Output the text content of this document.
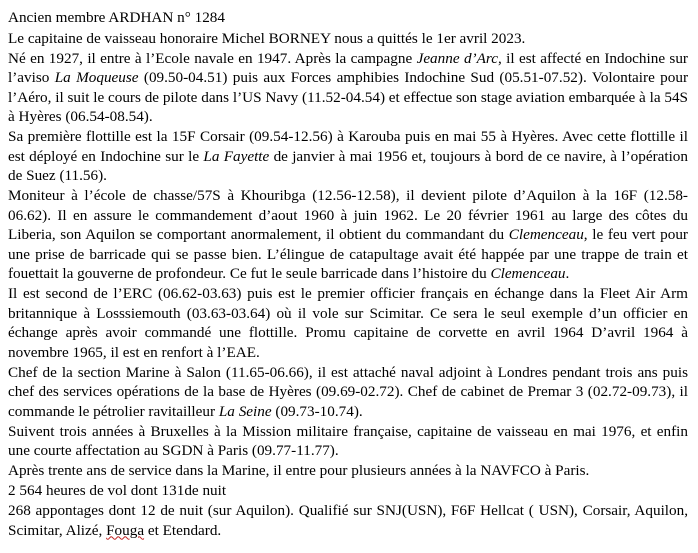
Ancien membre ARDHAN n° 1284

Le capitaine de vaisseau honoraire Michel BORNEY nous a quittés le 1er avril 2023.

Né en 1927, il entre à l’Ecole navale en 1947. Après la campagne Jeanne d’Arc, il est affecté en Indochine sur l’aviso La Moqueuse (09.50-04.51) puis aux Forces amphibies Indochine Sud (05.51-07.52). Volontaire pour l’Aéro, il suit le cours de pilote dans l’US Navy (11.52-04.54) et effectue son stage aviation embarquée à la 54S à Hyères (06.54-08.54).

Sa première flottille est la 15F Corsair (09.54-12.56) à Karouba puis en mai 55 à Hyères. Avec cette flottille il est déployé en Indochine sur le La Fayette de janvier à mai 1956 et, toujours à bord de ce navire, à l’opération de Suez (11.56).

Moniteur à l’école de chasse/57S à Khouribga (12.56-12.58), il devient pilote d’Aquilon à la 16F (12.58-06.62). Il en assure le commandement d’aout 1960 à juin 1962. Le 20 février 1961 au large des côtes du Liberia, son Aquilon se comportant anormalement, il obtient du commandant du Clemenceau, le feu vert pour une prise de barricade qui se passe bien. L’élingue de catapultage avait été happée par une trappe de train et fouettait la gouverne de profondeur. Ce fut le seule barricade dans l’histoire du Clemenceau.

Il est second de l’ERC (06.62-03.63) puis est le premier officier français en échange dans la Fleet Air Arm britannique à Losssiemouth (03.63-03.64) où il vole sur Scimitar. Ce sera le seul exemple d’un officier en échange après avoir commandé une flottille. Promu capitaine de corvette en avril 1964 D’avril 1964 à novembre 1965, il est en renfort à l’EAE.

Chef de la section Marine à Salon (11.65-06.66), il est attaché naval adjoint à Londres pendant trois ans puis chef des services opérations de la base de Hyères (09.69-02.72). Chef de cabinet de Premar 3 (02.72-09.73), il commande le pétrolier ravitailleur La Seine (09.73-10.74).

Suivent trois années à Bruxelles à la Mission militaire française, capitaine de vaisseau en mai 1976, et enfin une courte affectation au SGDN à Paris (09.77-11.77).

Après trente ans de service dans la Marine, il entre pour plusieurs années à la NAVFCO à Paris.

2 564 heures de vol dont 131de nuit

268 appontages dont 12 de nuit (sur Aquilon). Qualifié sur SNJ(USN), F6F Hellcat ( USN), Corsair, Aquilon, Scimitar, Alizé, Fouga et Etendard.
